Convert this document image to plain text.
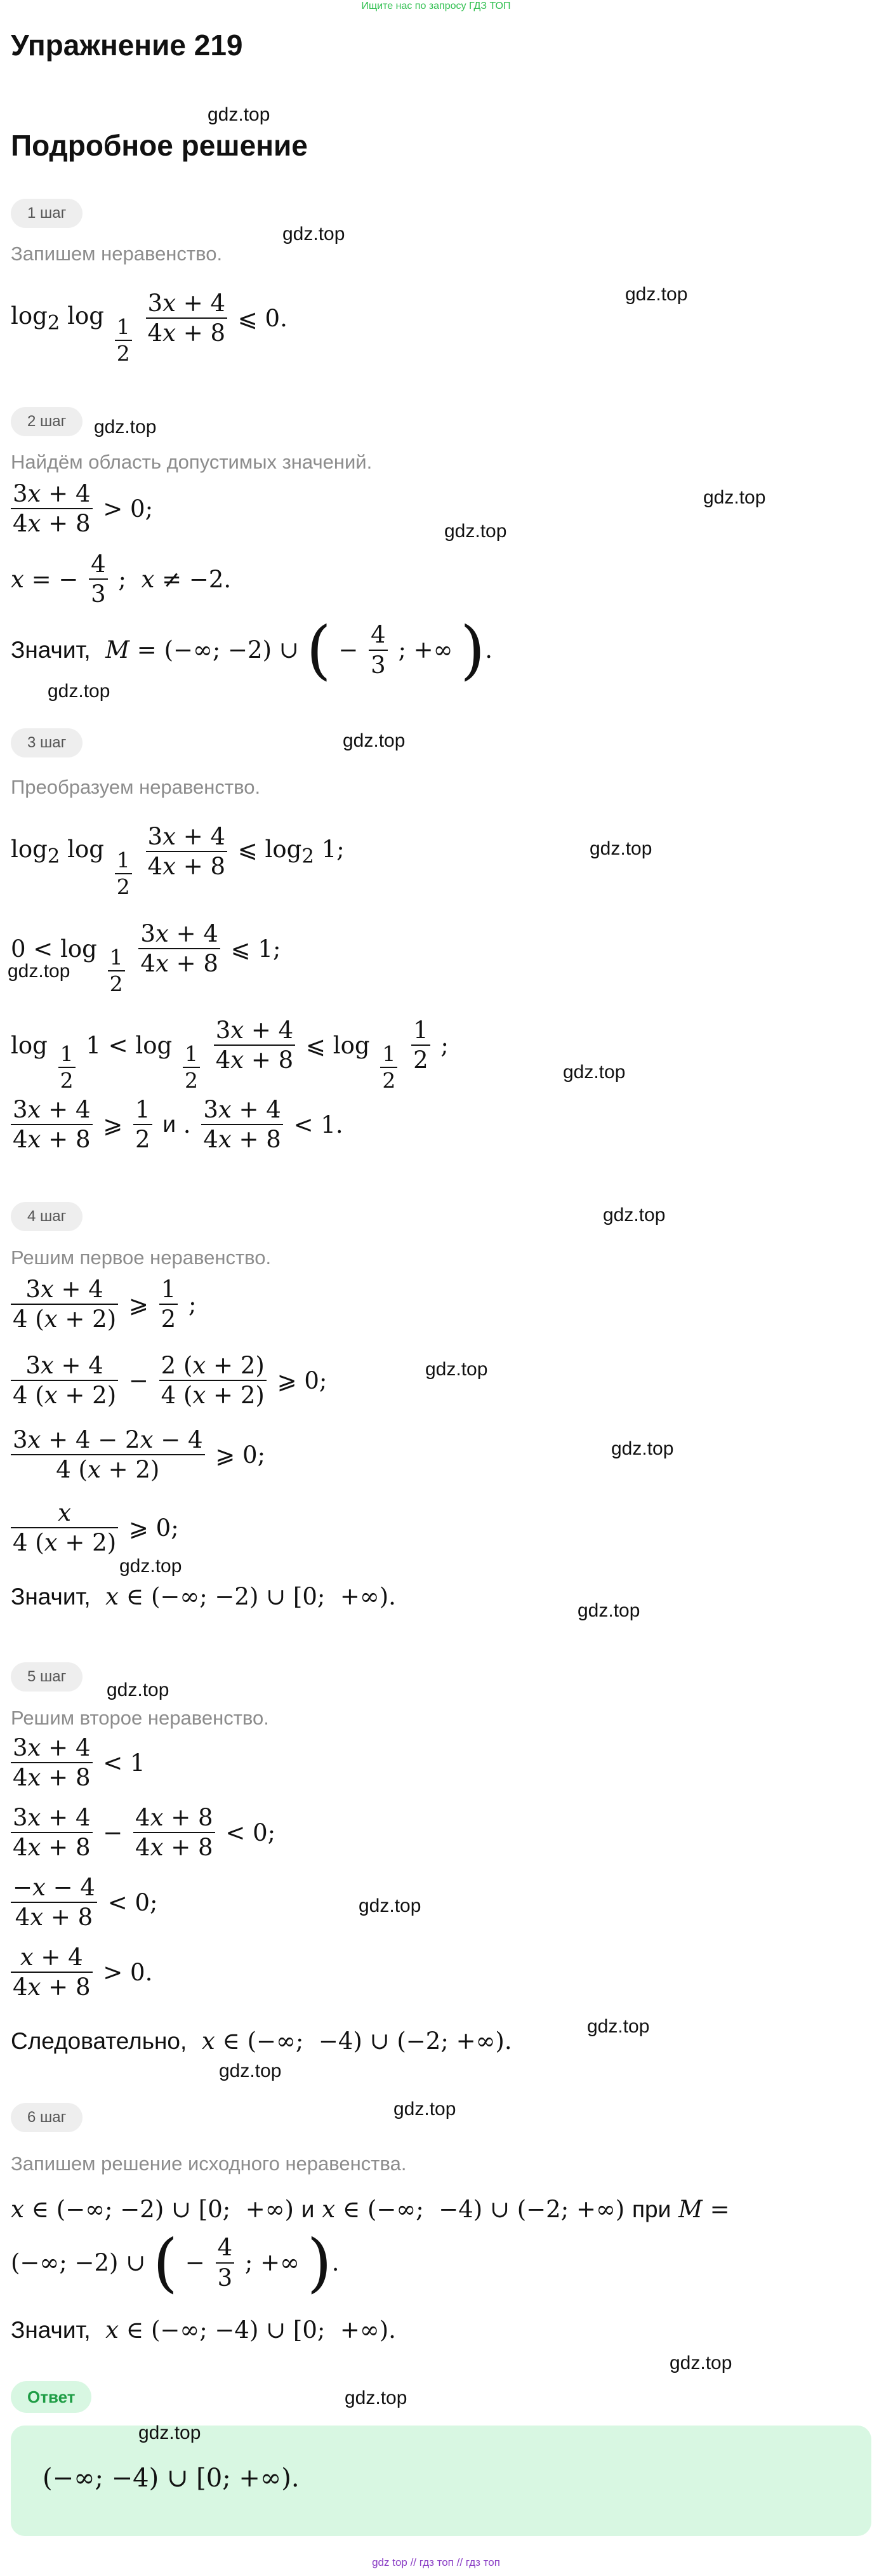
Ищите нас по запросу ГДЗ ТОП
Упражнение 219
gdz.top
Подробное решение
1 шаг
gdz.top
Запишем неравенство.
gdz.top
$\log_2 \log \frac{1}{2}$
$\frac{3x + 4}{4x + 8}$ ⩽ 0.
2 шаг	gdz.top
Найдём область допустимых значений.
gdz.top
$\frac{3x + 4}{4x + 8} > 0$;
gdz.top
x = − $\frac{4}{3}$ ;  x ≠ −2.
Значит, M = (−∞; −2) ∪ ( − $\frac{4}{3}$ ; +∞ ).
gdz.top
3 шаг	gdz.top
Преобразуем неравенство.
$\log_2 \log \frac{1}{2}$
$\frac{3x + 4}{4x + 8}$ ⩽ $\log_2 1$;	gdz.top
$0 < \log \frac{1}{2}$
$\frac{3x + 4}{4x + 8}$ ⩽ 1;
gdz.top
$\log \frac{1}{2} 1 < \log \frac{1}{2}$
$\frac{3x + 4}{4x + 8}$ ⩽ $\log \frac{1}{2}$
$\frac{1}{2}$ ;
gdz.top
$\frac{3x + 4}{4x + 8}$ ⩾ $\frac{1}{2}$ и . $\frac{3x + 4}{4x + 8} < 1$.
4 шаг	gdz.top
Решим первое неравенство.
$\frac{3x + 4}{4 (x + 2)}$ ⩾ $\frac{1}{2}$ ;
gdz.top
$\frac{3x + 4}{4 (x + 2)} - \frac{2 (x + 2)}{4 (x + 2)}$ ⩾ 0;
gdz.top
$\frac{3x + 4 - 2x - 4}{4 (x + 2)}$ ⩾ 0;
$\frac{x}{4 (x + 2)}$ ⩾ 0;
gdz.top
Значит, x ∈ (−∞; −2) ∪ [0;  +∞).
gdz.top
5 шаг
gdz.top
Решим второе неравенство.
$\frac{3x + 4}{4x + 8} < 1$
$\frac{3x + 4}{4x + 8} - \frac{4x + 8}{4x + 8} < 0$;
$\frac{-x - 4}{4x + 8} < 0$;	gdz.top
$\frac{x + 4}{4x + 8} > 0$.
gdz.top
Следовательно, x ∈ (−∞;  −4) ∪ (−2; +∞).
gdz.top
gdz.top
6 шаг
Запишем решение исходного неравенства.
x ∈ (−∞; −2) ∪ [0;  +∞) и x ∈ (−∞;  −4) ∪ (−2; +∞) при M =
(−∞; −2) ∪ ( − $\frac{4}{3}$ ; +∞ ).
Значит, x ∈ (−∞; −4) ∪ [0;  +∞).
gdz.top
Ответ	gdz.top
(−∞; −4) ∪ [0; +∞).
gdz.top
gdz top // гдз топ // гдз топ
